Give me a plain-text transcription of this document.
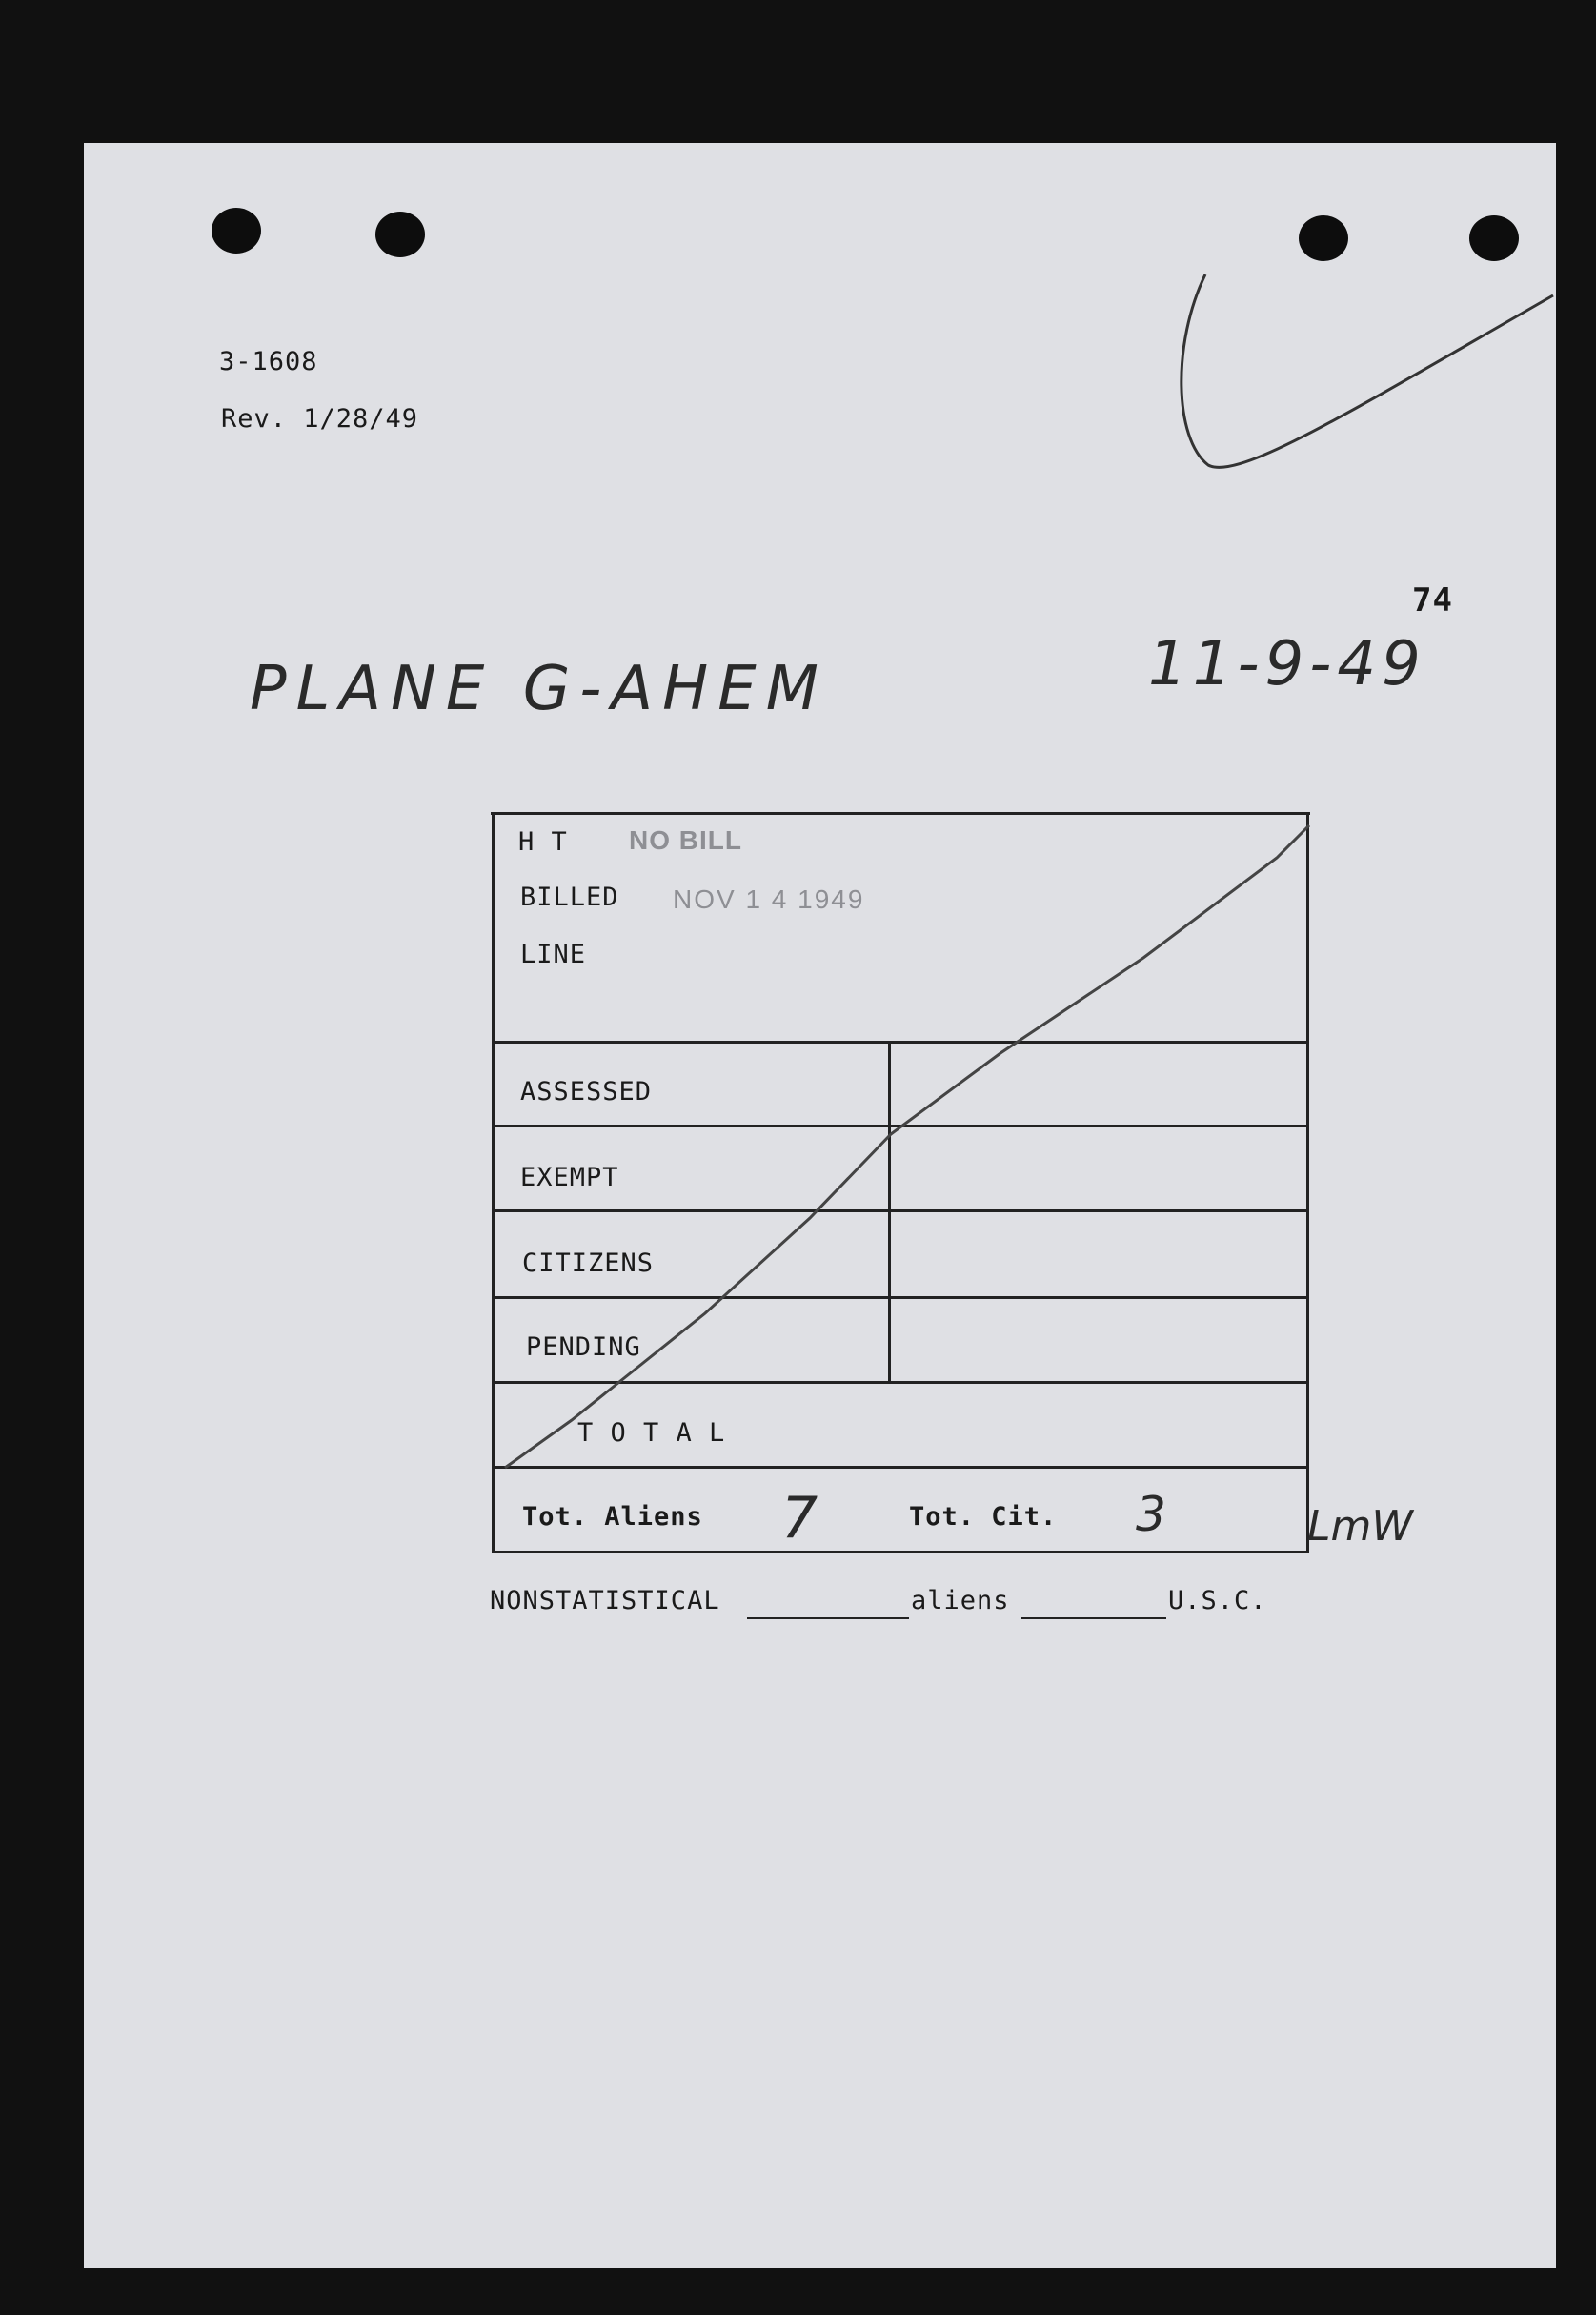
3-1608
Rev. 1/28/49
74
PLANE G-AHEM	11-9-49
H T NO BILL
BILLED NOV 1 4 1949
LINE
ASSESSED
EXEMPT
CITIZENS
PENDING
T O T A L
Tot. Aliens 7	Tot. Cit. 3	LmW
NONSTATISTICAL	aliens	U.S.C.
